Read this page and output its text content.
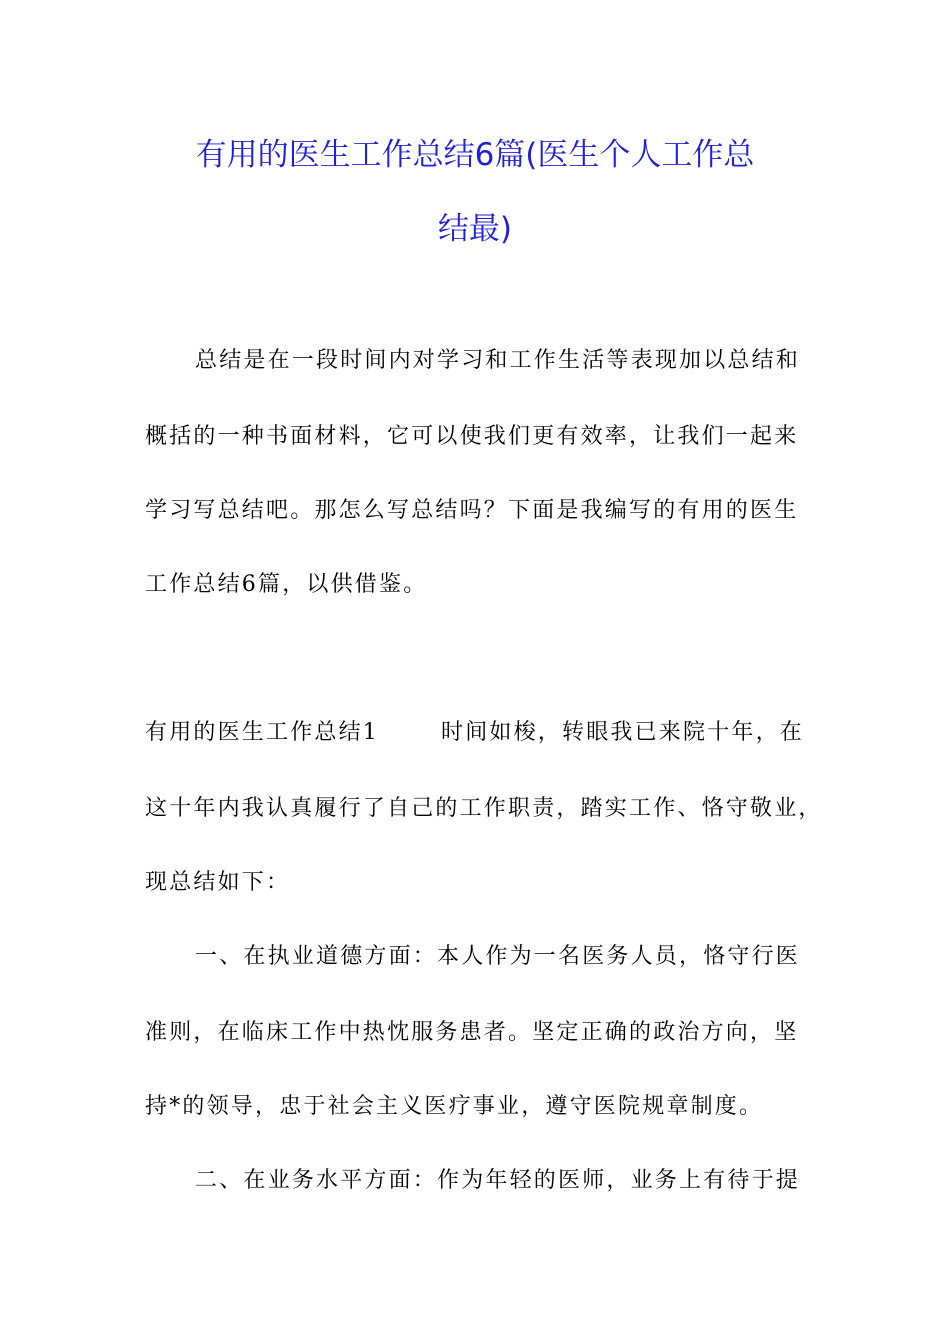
有用的医生工作总结6篇(医生个人工作总
结最)
总结是在一段时间内对学习和工作生活等表现加以总结和
概括的一种书面材料，它可以使我们更有效率，让我们一起来
学习写总结吧。那怎么写总结吗？下面是我编写的有用的医生
工作总结6篇，以供借鉴。
有用的医生工作总结1	时间如梭，转眼我已来院十年，在
这十年内我认真履行了自己的工作职责，踏实工作、恪守敬业，
现总结如下：
一、在执业道德方面：本人作为一名医务人员，恪守行医
准则，在临床工作中热忱服务患者。坚定正确的政治方向，坚
持*的领导，忠于社会主义医疗事业，遵守医院规章制度。
二、在业务水平方面：作为年轻的医师，业务上有待于提
